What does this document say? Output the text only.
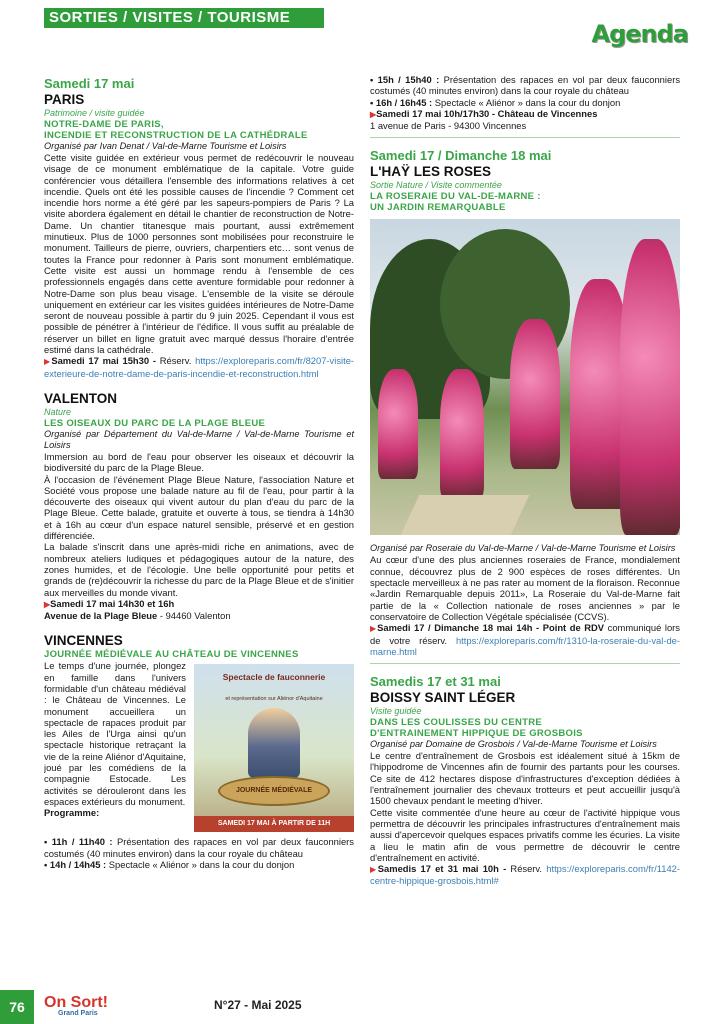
SORTIES / VISITES / TOURISME
Agenda
Samedi 17 mai
PARIS
Patrimoine / visite guidée
NOTRE-DAME DE PARIS,
INCENDIE ET RECONSTRUCTION DE LA CATHÉDRALE
Organisé par Ivan Denat / Val-de-Marne Tourisme et Loisirs

Cette visite guidée en extérieur vous permet de redécouvrir le nouveau visage de ce monument emblématique de la capitale. Votre guide conférencier vous détaillera l'ensemble des informations relatives à cet incendie. Quels ont été les possible causes de l'incendie ? Comment cet incendie hors norme a été géré par les sapeurs-pompiers de Paris ? La visite abordera également en détail le chantier de reconstruction de Notre-Dame. Un chantier titanesque mais pourtant, aussi extrêmement minutieux. Plus de 1000 personnes sont mobilisées pour reconstruire le monument. Tailleurs de pierre, ouvriers, charpentiers etc… sont venus de toutes la France pour redonner à Paris sont monument emblématique. Cette visite est aussi un hommage rendu à l'ensemble de ces professionnels engagés dans cette aventure formidable pour redonner à Notre-Dame son plus beau visage. L'ensemble de la visite se déroule uniquement en extérieur car les visites guidées intérieures de Notre-Dame seront de nouveau possible à partir du 9 juin 2025. Cependant il vous est possible de pénétrer à l'intérieur de l'édifice. Il vous suffit au préalable de réserver un billet en ligne gratuit avec marqué dessus l'horaire d'entrée estimé dans la cathédrale.

▶Samedi 17 mai 15h30 - Réserv. https://exploreparis.com/fr/8207-visite-exterieure-de-notre-dame-de-paris-incendie-et-reconstruction.html

VALENTON
Nature
LES OISEAUX DU PARC DE LA PLAGE BLEUE
Organisé par Département du Val-de-Marne / Val-de-Marne Tourisme et Loisirs

Immersion au bord de l'eau pour observer les oiseaux et découvrir la biodiversité du parc de la Plage Bleue.

À l'occasion de l'événement Plage Bleue Nature, l'association Nature et Société vous propose une balade nature au fil de l'eau, pour partir à la découverte des oiseaux qui vivent autour du plan d'eau du parc de la Plage Bleue. Cette balade, gratuite et ouverte à tous, se tiendra à 14h30 et à 16h au cœur d'un espace naturel sensible, préservé et en gestion différenciée.

La balade s'inscrit dans une après-midi riche en animations, avec de nombreux ateliers ludiques et pédagogiques autour de la nature, des zones humides, et de l'écologie. Une belle opportunité pour petits et grands de (re)découvrir la richesse du parc de la Plage Bleue et de s'initier aux merveilles du monde vivant.

▶Samedi 17 mai 14h30 et 16h

Avenue de la Plage Bleue - 94460 Valenton

VINCENNES
JOURNÉE MÉDIÉVALE AU CHÂTEAU DE VINCENNES
Spectacle de fauconnerie
et représentation sur Aliénor d'Aquitaine
JOURNÉE MÉDIÉVALE
SAMEDI 17 MAI À PARTIR DE 11H

Le temps d'une journée, plongez en famille dans l'univers formidable d'un château médiéval : le Château de Vincennes. Le monument accueillera un spectacle de rapaces produit par les Ailes de l'Urga ainsi qu'un spectacle historique retraçant la vie de la reine Aliénor d'Aquitaine, joué par les comédiens de la compagnie Estocade. Les activités se dérouleront dans les espaces extérieurs du monument.

Programme:

• 11h / 11h40 : Présentation des rapaces en vol par deux fauconniers costumés (40 minutes environ) dans la cour royale du château

• 14h / 14h45 : Spectacle « Aliénor » dans la cour du donjon

• 15h / 15h40 : Présentation des rapaces en vol par deux fauconniers costumés (40 minutes environ) dans la cour royale du château

• 16h / 16h45 : Spectacle « Aliénor » dans la cour du donjon

▶Samedi 17 mai 10h/17h30 - Château de Vincennes

1 avenue de Paris - 94300 Vincennes

Samedi 17 / Dimanche 18 mai
L'HAŸ LES ROSES
Sortie Nature / Visite commentée
LA ROSERAIE DU VAL-DE-MARNE :
UN JARDIN REMARQUABLE
Organisé par Roseraie du Val-de-Marne / Val-de-Marne Tourisme et Loisirs

Au cœur d'une des plus anciennes roseraies de France, mondialement connue, découvrez plus de 2 900 espèces de roses différentes. Un spectacle merveilleux à ne pas rater au moment de la floraison. Reconnue «Jardin Remarquable depuis 2011», La Roseraie du Val-de-Marne fait partie de la « Collection nationale de roses anciennes » par le conservatoire de Collection Végétale spécialisée (CCVS).

▶Samedi 17 / Dimanche 18 mai 14h - Point de RDV communiqué lors de votre réserv. https://exploreparis.com/fr/1310-la-roseraie-du-val-de-marne.html

Samedis 17 et 31 mai
BOISSY SAINT LÉGER
Visite guidée
DANS LES COULISSES DU CENTRE
D'ENTRAINEMENT HIPPIQUE DE GROSBOIS
Organisé par Domaine de Grosbois / Val-de-Marne Tourisme et Loisirs

Le centre d'entraînement de Grosbois est idéalement situé à 15km de l'hippodrome de Vincennes afin de fournir des partants pour les courses. Ce site de 412 hectares dispose d'infrastructures d'exception dédiées à l'entraînement journalier des chevaux trotteurs et peut accueillir jusqu'à 1500 chevaux pendant le meeting d'hiver.

Cette visite commentée d'une heure au cœur de l'activité hippique vous permettra de découvrir les principales infrastructures d'entraînement mais aussi d'apercevoir quelques espaces privatifs comme les écuries. La visite a lieu le matin afin de vous permettre de découvrir le centre d'entraînement en activité.

▶Samedis 17 et 31 mai 10h - Réserv. https://exploreparis.com/fr/1142-centre-hippique-grosbois.html#

76	On Sort!
Grand Paris
N°27 - Mai 2025
